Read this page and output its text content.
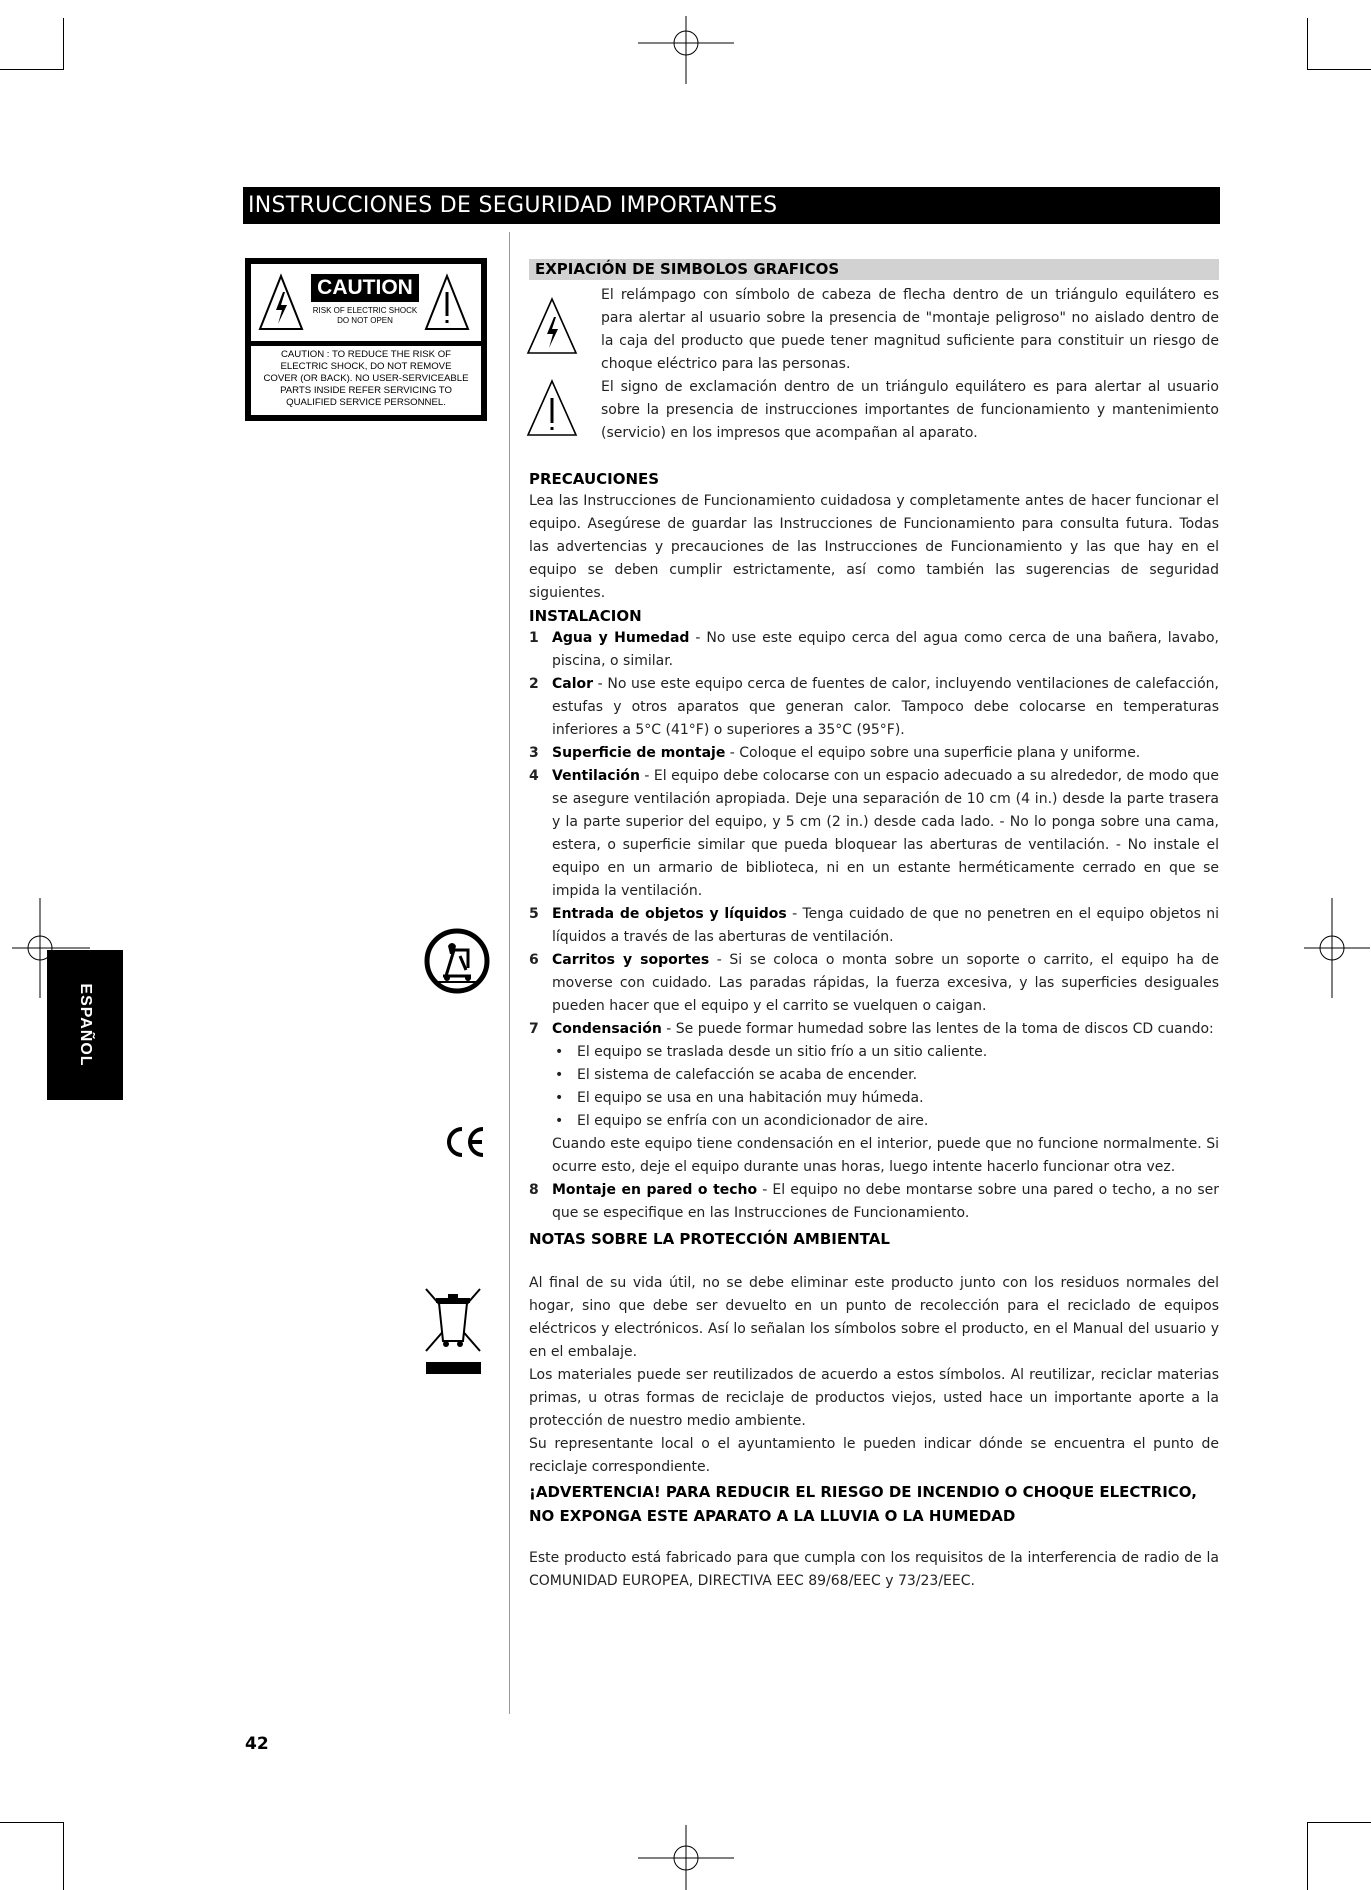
INSTRUCCIONES DE SEGURIDAD IMPORTANTES
CAUTION
RISK OF ELECTRIC SHOCK
DO NOT OPEN
CAUTION : TO REDUCE THE RISK OF
ELECTRIC SHOCK, DO NOT REMOVE
COVER (OR BACK). NO USER-SERVICEABLE
PARTS INSIDE REFER SERVICING TO
QUALIFIED SERVICE PERSONNEL.
ESPAÑOL
EXPIACIÓN DE SIMBOLOS GRAFICOS

El relámpago con símbolo de cabeza de flecha dentro de un triángulo equilátero es para alertar al usuario sobre la presencia de "montaje peligroso" no aislado dentro de la caja del producto que puede tener magnitud suficiente para constituir un riesgo de choque eléctrico para las personas.

El signo de exclamación dentro de un triángulo equilátero es para alertar al usuario sobre la presencia de instrucciones importantes de funcionamiento y mantenimiento (servicio) en los impresos que acompañan al aparato.

PRECAUCIONES

Lea las Instrucciones de Funcionamiento cuidadosa y completamente antes de hacer funcionar el equipo. Asegúrese de guardar las Instrucciones de Funcionamiento para consulta futura. Todas las advertencias y precauciones de las Instrucciones de Funcionamiento y las que hay en el equipo se deben cumplir estrictamente, así como también las sugerencias de seguridad siguientes.

INSTALACION
1 Agua y Humedad - No use este equipo cerca del agua como cerca de una bañera, lavabo, piscina, o similar.
2 Calor - No use este equipo cerca de fuentes de calor, incluyendo ventilaciones de calefacción, estufas y otros aparatos que generan calor. Tampoco debe colocarse en temperaturas inferiores a 5°C (41°F) o superiores a 35°C (95°F).
3 Superficie de montaje - Coloque el equipo sobre una superficie plana y uniforme.
4 Ventilación - El equipo debe colocarse con un espacio adecuado a su alrededor, de modo que se asegure ventilación apropiada. Deje una separación de 10 cm (4 in.) desde la parte trasera y la parte superior del equipo, y 5 cm (2 in.) desde cada lado. - No lo ponga sobre una cama, estera, o superficie similar que pueda bloquear las aberturas de ventilación. - No instale el equipo en un armario de biblioteca, ni en un estante herméticamente cerrado en que se impida la ventilación.
5 Entrada de objetos y líquidos - Tenga cuidado de que no penetren en el equipo objetos ni líquidos a través de las aberturas de ventilación.
6 Carritos y soportes - Si se coloca o monta sobre un soporte o carrito, el equipo ha de moverse con cuidado. Las paradas rápidas, la fuerza excesiva, y las superficies desiguales pueden hacer que el equipo y el carrito se vuelquen o caigan.
7 Condensación - Se puede formar humedad sobre las lentes de la toma de discos CD cuando:
• El equipo se traslada desde un sitio frío a un sitio caliente.
• El sistema de calefacción se acaba de encender.
• El equipo se usa en una habitación muy húmeda.
• El equipo se enfría con un acondicionador de aire.
Cuando este equipo tiene condensación en el interior, puede que no funcione normalmente. Si ocurre esto, deje el equipo durante unas horas, luego intente hacerlo funcionar otra vez.
8 Montaje en pared o techo - El equipo no debe montarse sobre una pared o techo, a no ser que se especifique en las Instrucciones de Funcionamiento.
NOTAS SOBRE LA PROTECCIÓN AMBIENTAL

Al final de su vida útil, no se debe eliminar este producto junto con los residuos normales del hogar, sino que debe ser devuelto en un punto de recolección para el reciclado de equipos eléctricos y electrónicos. Así lo señalan los símbolos sobre el producto, en el Manual del usuario y en el embalaje.

Los materiales puede ser reutilizados de acuerdo a estos símbolos. Al reutilizar, reciclar materias primas, u otras formas de reciclaje de productos viejos, usted hace un importante aporte a la protección de nuestro medio ambiente.

Su representante local o el ayuntamiento le pueden indicar dónde se encuentra el punto de reciclaje correspondiente.

¡ADVERTENCIA! PARA REDUCIR EL RIESGO DE INCENDIO O CHOQUE ELECTRICO, NO EXPONGA ESTE APARATO A LA LLUVIA O LA HUMEDAD

Este producto está fabricado para que cumpla con los requisitos de la interferencia de radio de la COMUNIDAD EUROPEA, DIRECTIVA EEC 89/68/EEC y 73/23/EEC.

42
